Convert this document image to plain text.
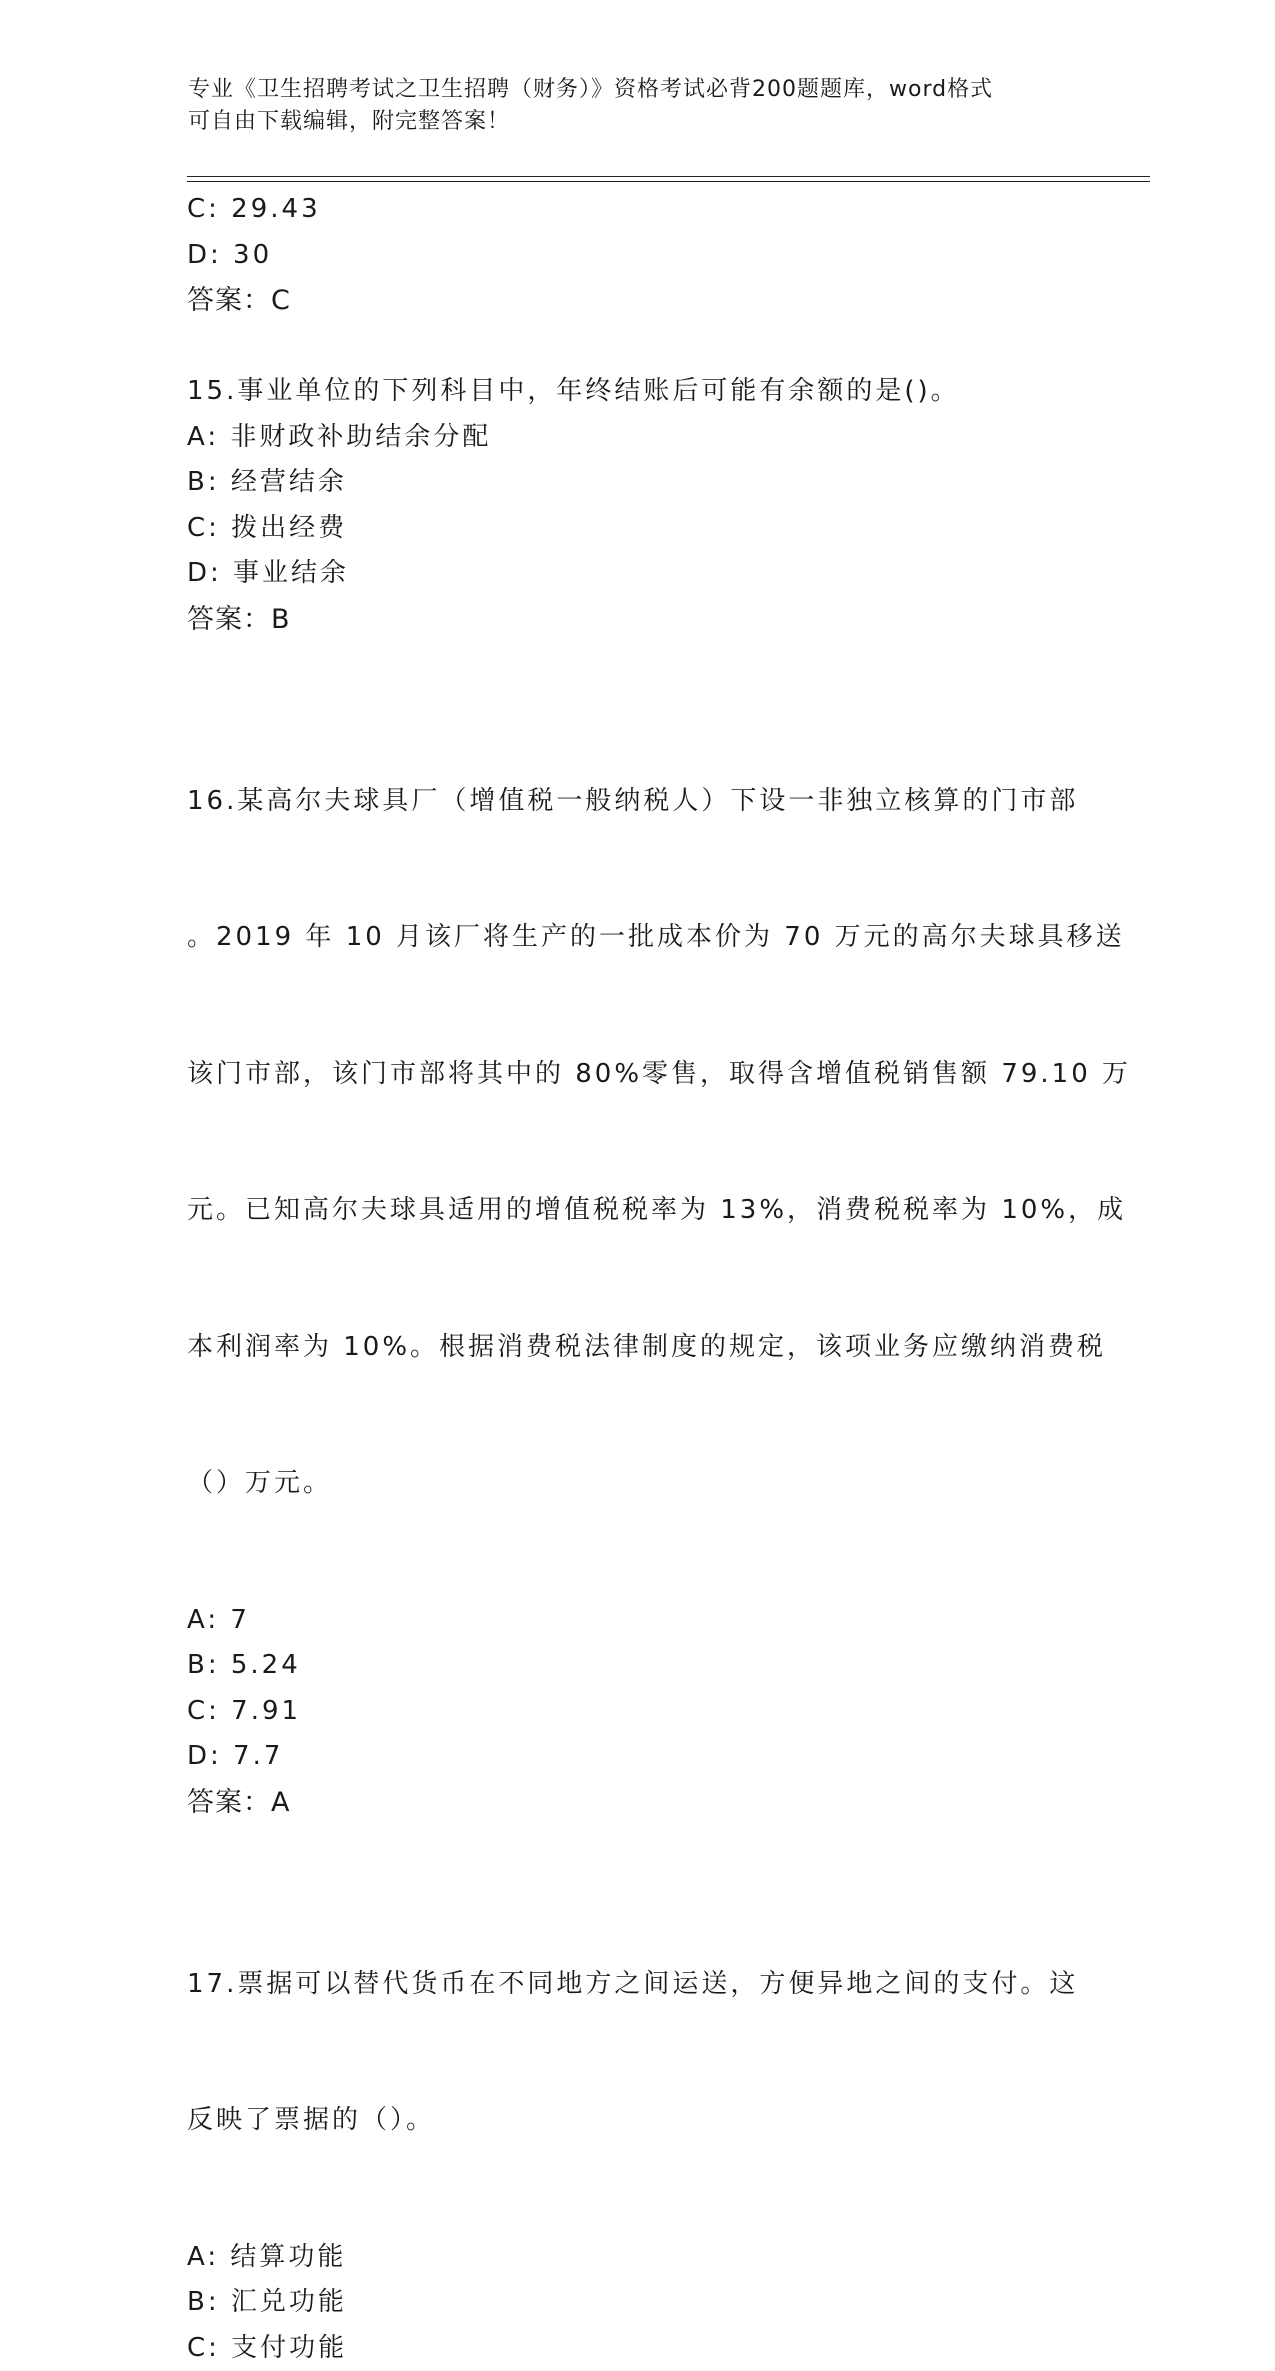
专业《卫生招聘考试之卫生招聘（财务）》资格考试必背200题题库，word格式
可自由下载编辑，附完整答案！
C: 29.43
D: 30
答案：C
15.事业单位的下列科目中，年终结账后可能有余额的是()。
A: 非财政补助结余分配
B: 经营结余
C: 拨出经费
D: 事业结余
答案：B

16.某高尔夫球具厂（增值税一般纳税人）下设一非独立核算的门市部

。2019 年 10 月该厂将生产的一批成本价为 70 万元的高尔夫球具移送

该门市部，该门市部将其中的 80%零售，取得含增值税销售额 79.10 万

元。已知高尔夫球具适用的增值税税率为 13%，消费税税率为 10%，成

本利润率为 10%。根据消费税法律制度的规定，该项业务应缴纳消费税

（）万元。

A: 7
B: 5.24
C: 7.91
D: 7.7
答案：A

17.票据可以替代货币在不同地方之间运送，方便异地之间的支付。这

反映了票据的（）。

A: 结算功能
B: 汇兑功能
C: 支付功能
